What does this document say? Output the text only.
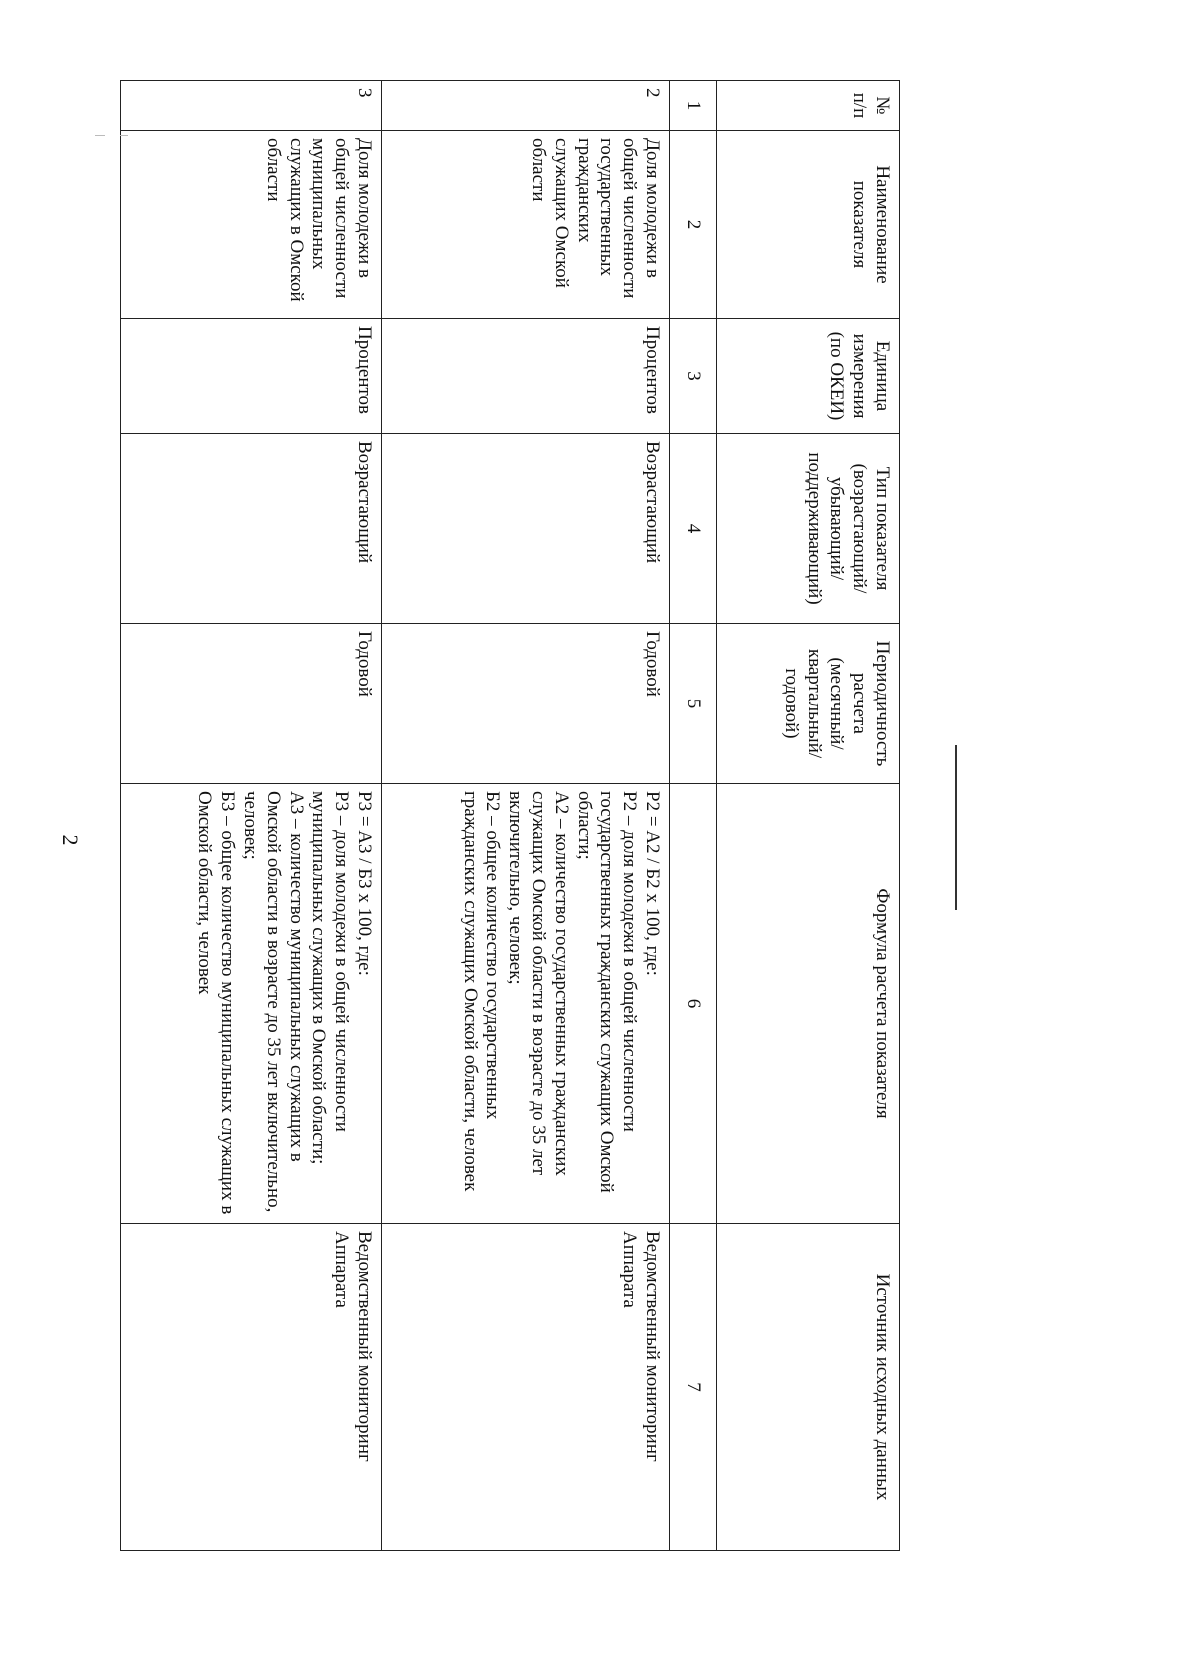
2
№ п/п	Наименование показателя	Единица измерения (по ОКЕИ)	Тип показателя (возрастающий/ убывающий/ поддерживающий)	Периодичность расчета (месячный/ квартальный/ годовой)	Формула расчета показателя	Источник исходных данных
1	2	3	4	5	6	7
2	Доля молодежи в общей численности государственных гражданских служащих Омской области	Процентов	Возрастающий	Годовой	P2 = A2 / Б2 х 100, где:
P2 – доля молодежи в общей численности государственных гражданских служащих Омской области;
A2 – количество государственных гражданских служащих Омской области в возрасте до 35 лет включительно, человек;
Б2 – общее количество государственных гражданских служащих Омской области, человек	Ведомственный мониторинг Аппарата
3	Доля молодежи в общей численности муниципальных служащих в Омской области	Процентов	Возрастающий	Годовой	P3 = A3 / Б3 х 100, где:
P3 – доля молодежи в общей численности муниципальных служащих в Омской области;
A3 – количество муниципальных служащих в Омской области в возрасте до 35 лет включительно, человек;
Б3 – общее количество муниципальных служащих в Омской области, человек	Ведомственный мониторинг Аппарата
